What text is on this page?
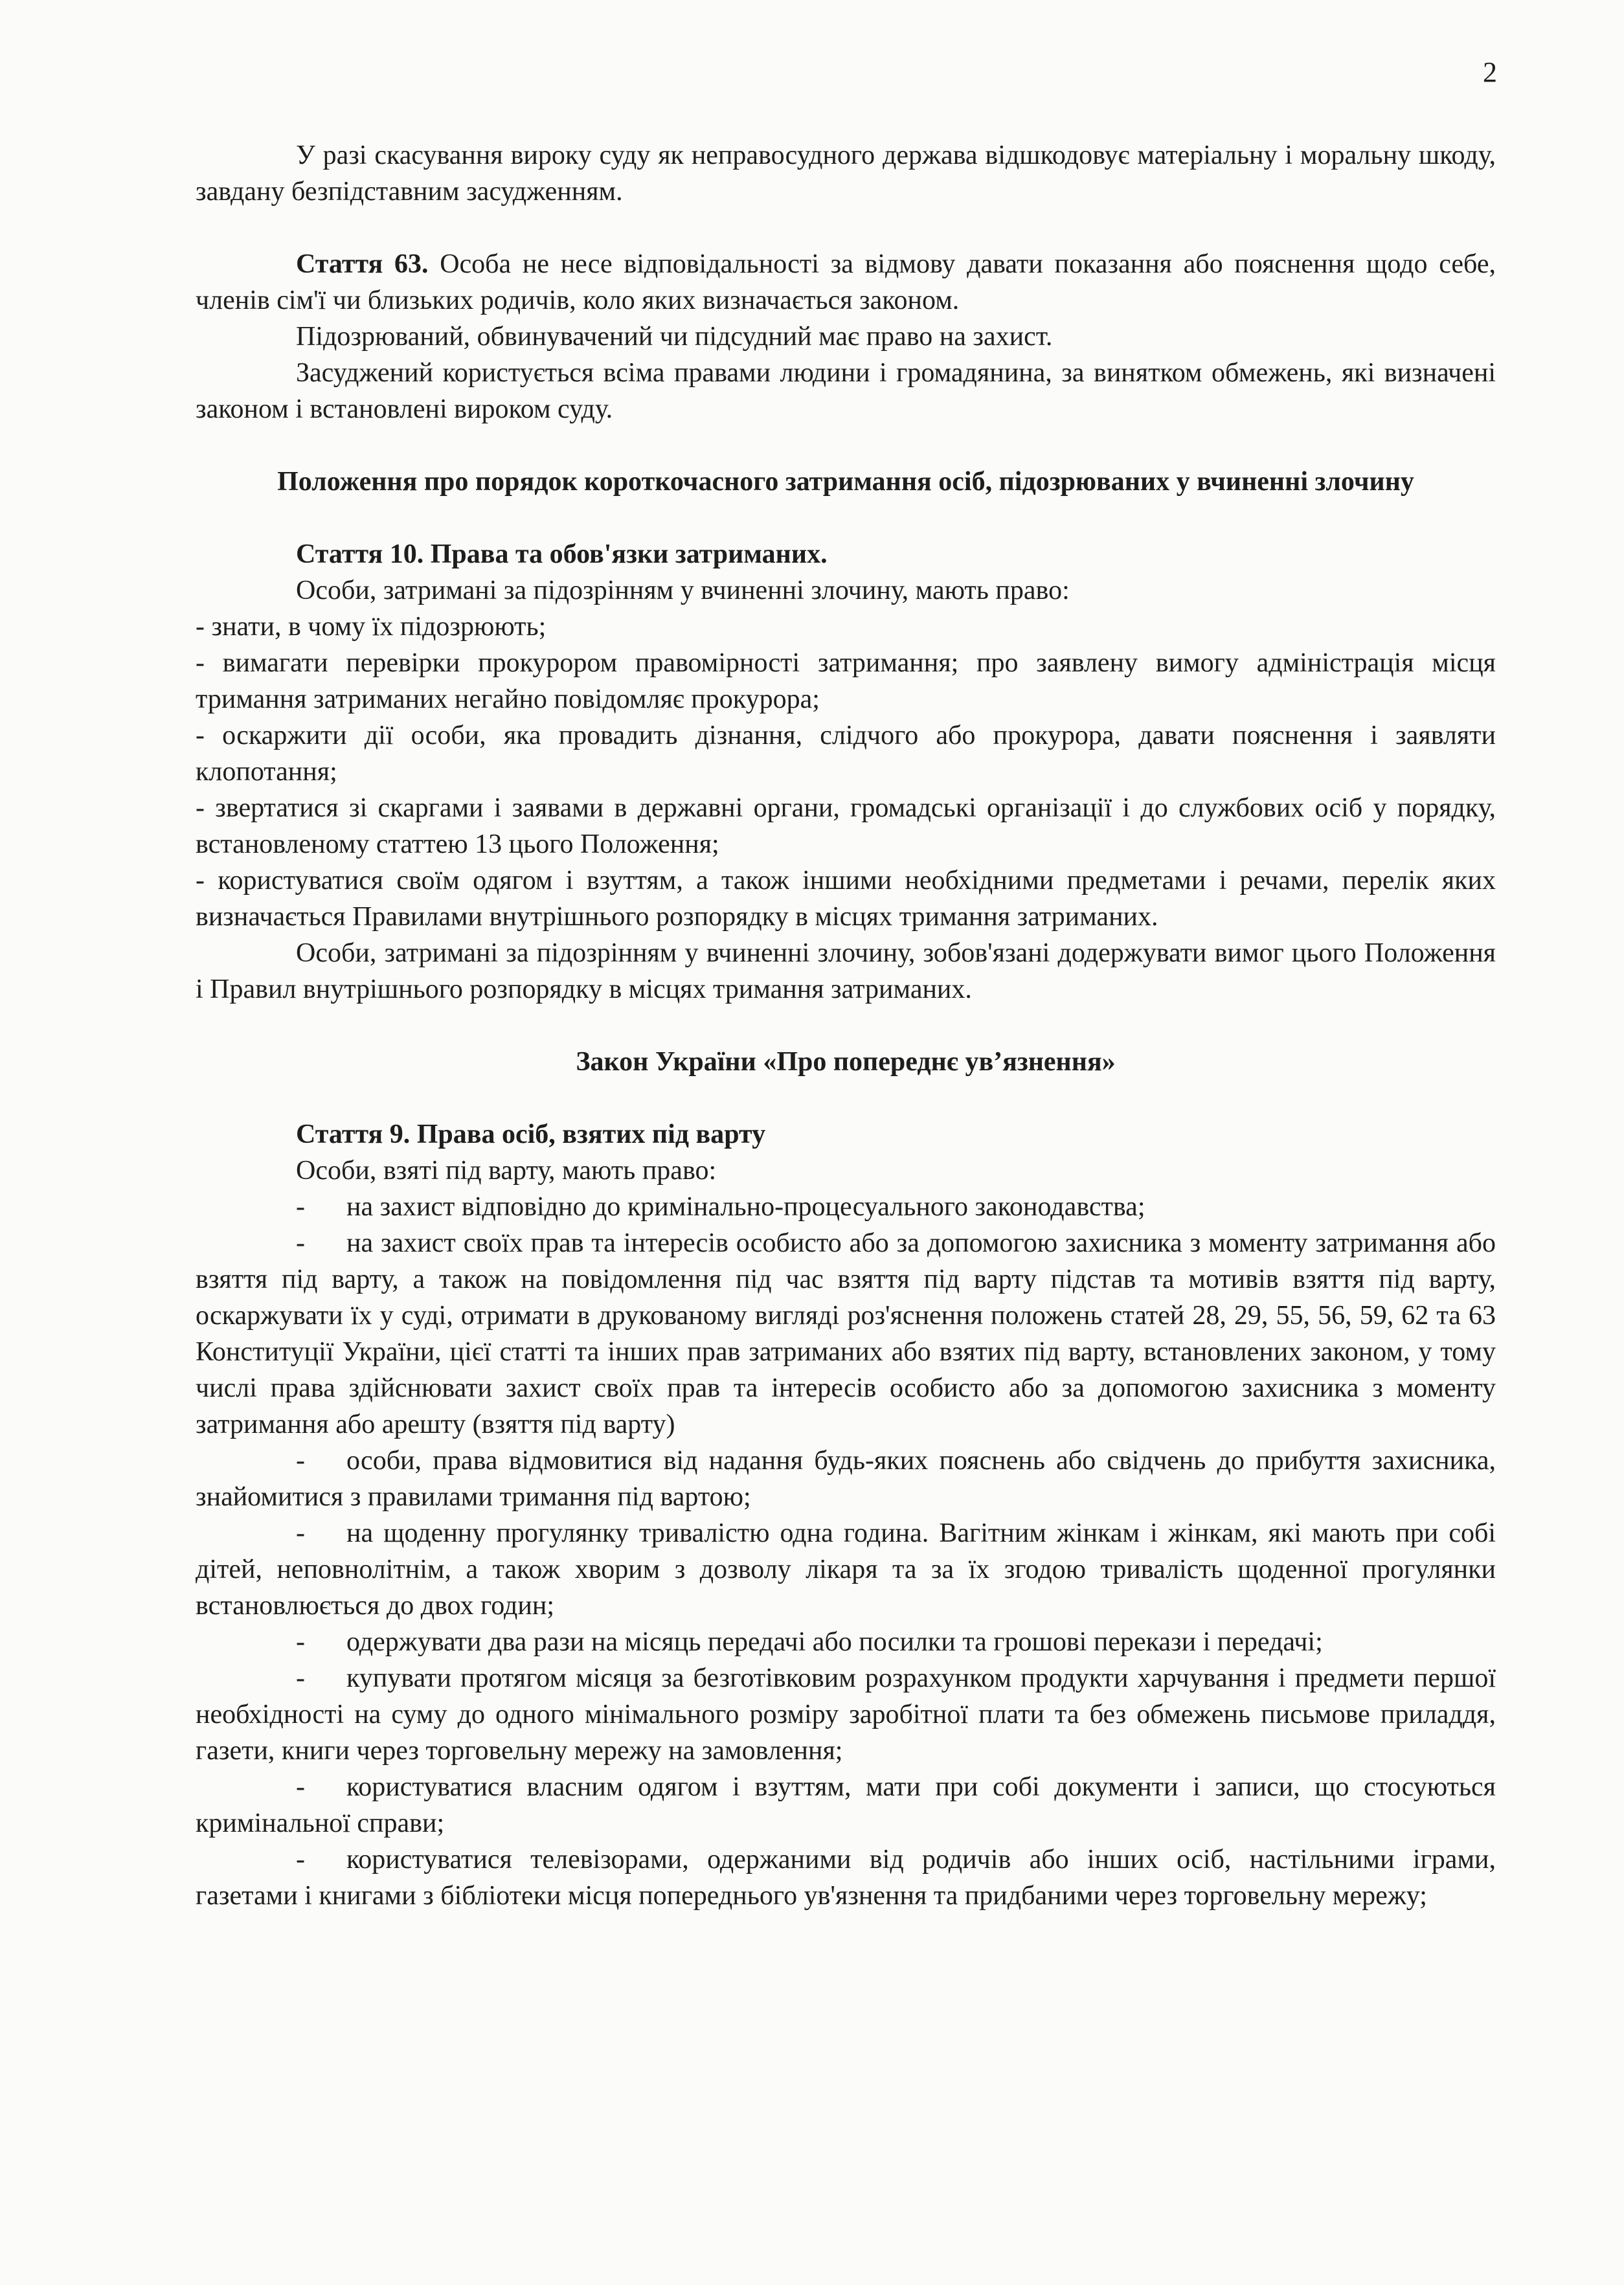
2

У разі скасування вироку суду як неправосудного держава відшкодовує матеріальну і моральну шкоду, завдану безпідставним засудженням.

Стаття 63. Особа не несе відповідальності за відмову давати показання або пояснення щодо себе, членів сім'ї чи близьких родичів, коло яких визначається законом.

Підозрюваний, обвинувачений чи підсудний має право на захист.

Засуджений користується всіма правами людини і громадянина, за винятком обмежень, які визначені законом і встановлені вироком суду.

Положення про порядок короткочасного затримання осіб, підозрюваних у вчиненні злочину

Стаття 10. Права та обов'язки затриманих.

Особи, затримані за підозрінням у вчиненні злочину, мають право:

- знати, в чому їх підозрюють;

- вимагати перевірки прокурором правомірності затримання; про заявлену вимогу адміністрація місця тримання затриманих негайно повідомляє прокурора;

- оскаржити дії особи, яка провадить дізнання, слідчого або прокурора, давати пояснення і заявляти клопотання;

- звертатися зі скаргами і заявами в державні органи, громадські організації і до службових осіб у порядку, встановленому статтею 13 цього Положення;

- користуватися своїм одягом і взуттям, а також іншими необхідними предметами і речами, перелік яких визначається Правилами внутрішнього розпорядку в місцях тримання затриманих.

Особи, затримані за підозрінням у вчиненні злочину, зобов'язані додержувати вимог цього Положення і Правил внутрішнього розпорядку в місцях тримання затриманих.

Закон України «Про попереднє ув’язнення»

Стаття 9. Права осіб, взятих під варту

Особи, взяті під варту, мають право:

- на захист відповідно до кримінально-процесуального законодавства;

- на захист своїх прав та інтересів особисто або за допомогою захисника з моменту затримання або взяття під варту, а також на повідомлення під час взяття під варту підстав та мотивів взяття під варту, оскаржувати їх у суді, отримати в друкованому вигляді роз'яснення положень статей 28, 29, 55, 56, 59, 62 та 63 Конституції України, цієї статті та інших прав затриманих або взятих під варту, встановлених законом, у тому числі права здійснювати захист своїх прав та інтересів особисто або за допомогою захисника з моменту затримання або арешту (взяття під варту)

- особи, права відмовитися від надання будь-яких пояснень або свідчень до прибуття захисника, знайомитися з правилами тримання під вартою;

- на щоденну прогулянку тривалістю одна година. Вагітним жінкам і жінкам, які мають при собі дітей, неповнолітнім, а також хворим з дозволу лікаря та за їх згодою тривалість щоденної прогулянки встановлюється до двох годин;

- одержувати два рази на місяць передачі або посилки та грошові перекази і передачі;

- купувати протягом місяця за безготівковим розрахунком продукти харчування і предмети першої необхідності на суму до одного мінімального розміру заробітної плати та без обмежень письмове приладдя, газети, книги через торговельну мережу на замовлення;

- користуватися власним одягом і взуттям, мати при собі документи і записи, що стосуються кримінальної справи;

- користуватися телевізорами, одержаними від родичів або інших осіб, настільними іграми, газетами і книгами з бібліотеки місця попереднього ув'язнення та придбаними через торговельну мережу;
